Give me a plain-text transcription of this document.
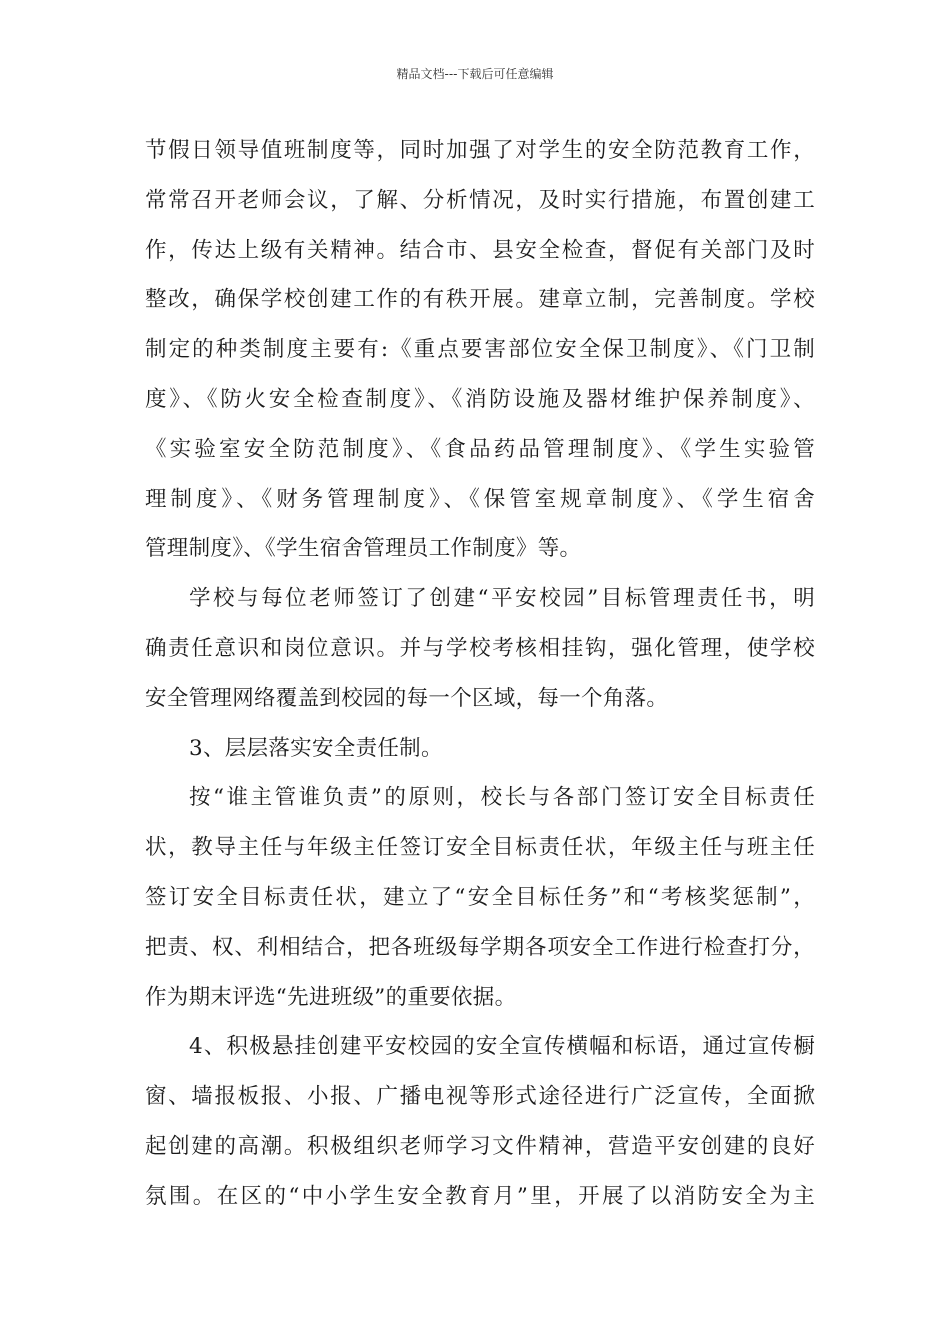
精品文档---下载后可任意编辑
节假日领导值班制度等，同时加强了对学生的安全防范教育工作，
常常召开老师会议，了解、分析情况，及时实行措施，布置创建工
作，传达上级有关精神。结合市、县安全检查，督促有关部门及时
整改，确保学校创建工作的有秩开展。建章立制，完善制度。学校
制定的种类制度主要有:《重点要害部位安全保卫制度》、《门卫制
度》、《防火安全检查制度》、《消防设施及器材维护保养制度》、
《实验室安全防范制度》、《食品药品管理制度》、《学生实验管
理制度》、《财务管理制度》、《保管室规章制度》、《学生宿舍
管理制度》、《学生宿舍管理员工作制度》等。
学校与每位老师签订了创建“平安校园”目标管理责任书，明
确责任意识和岗位意识。并与学校考核相挂钩，强化管理，使学校
安全管理网络覆盖到校园的每一个区域，每一个角落。
3、层层落实安全责任制。
按“谁主管谁负责”的原则，校长与各部门签订安全目标责任
状，教导主任与年级主任签订安全目标责任状，年级主任与班主任
签订安全目标责任状，建立了“安全目标任务”和“考核奖惩制”，
把责、权、利相结合，把各班级每学期各项安全工作进行检查打分，
作为期末评选“先进班级”的重要依据。
4、积极悬挂创建平安校园的安全宣传横幅和标语，通过宣传橱
窗、墙报板报、小报、广播电视等形式途径进行广泛宣传，全面掀
起创建的高潮。积极组织老师学习文件精神，营造平安创建的良好
氛围。在区的“中小学生安全教育月”里，开展了以消防安全为主
